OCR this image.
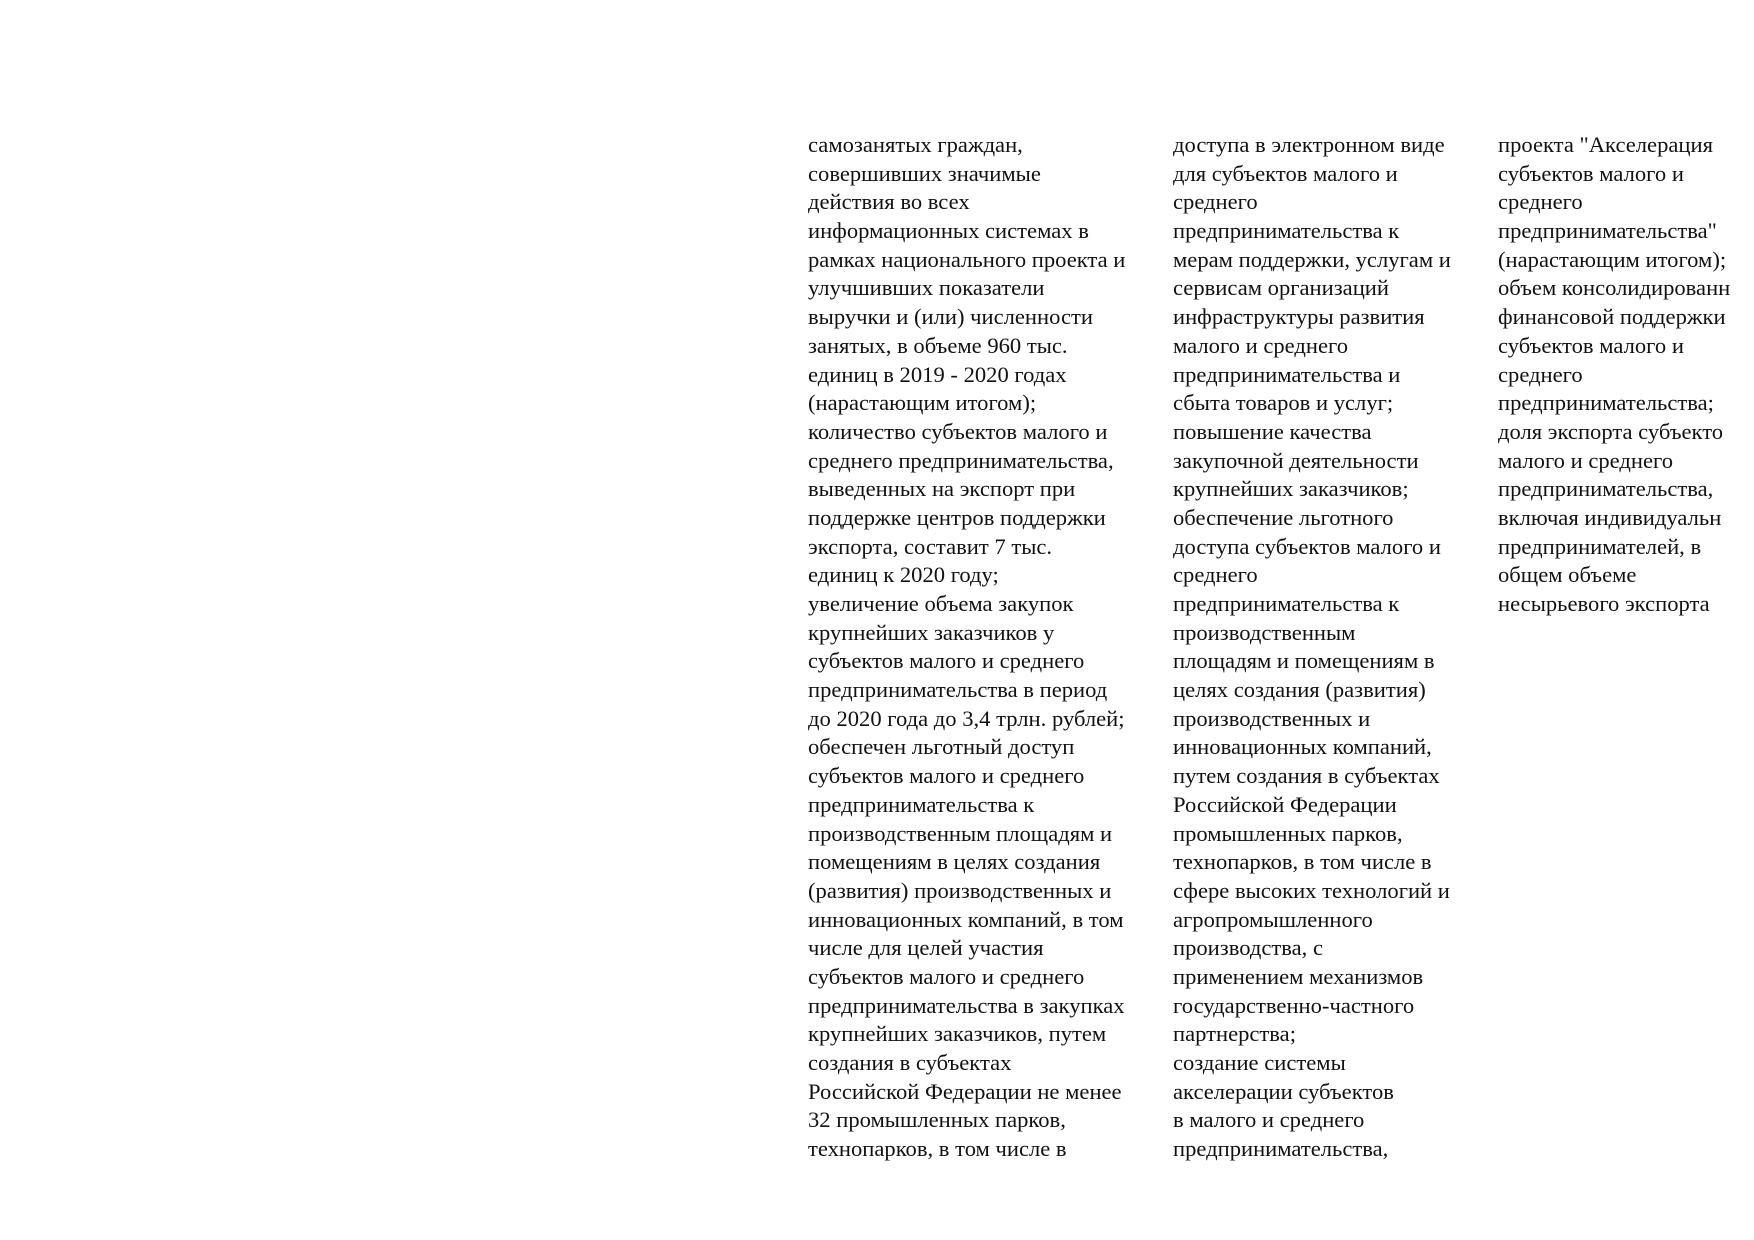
самозанятых граждан,
совершивших значимые
действия во всех
информационных системах в
рамках национального проекта и
улучшивших показатели
выручки и (или) численности
занятых, в объеме 960 тыс.
единиц в 2019 - 2020 годах
(нарастающим итогом);
количество субъектов малого и
среднего предпринимательства,
выведенных на экспорт при
поддержке центров поддержки
экспорта, составит 7 тыс.
единиц к 2020 году;
увеличение объема закупок
крупнейших заказчиков у
субъектов малого и среднего
предпринимательства в период
до 2020 года до 3,4 трлн. рублей;
обеспечен льготный доступ
субъектов малого и среднего
предпринимательства к
производственным площадям и
помещениям в целях создания
(развития) производственных и
инновационных компаний, в том
числе для целей участия
субъектов малого и среднего
предпринимательства в закупках
крупнейших заказчиков, путем
создания в субъектах
Российской Федерации не менее
32 промышленных парков,
технопарков, в том числе в
доступа в электронном виде
для субъектов малого и
среднего
предпринимательства к
мерам поддержки, услугам и
сервисам организаций
инфраструктуры развития
малого и среднего
предпринимательства и
сбыта товаров и услуг;
повышение качества
закупочной деятельности
крупнейших заказчиков;
обеспечение льготного
доступа субъектов малого и
среднего
предпринимательства к
производственным
площадям и помещениям в
целях создания (развития)
производственных и
инновационных компаний,
путем создания в субъектах
Российской Федерации
промышленных парков,
технопарков, в том числе в
сфере высоких технологий и
агропромышленного
производства, с
применением механизмов
государственно-частного
партнерства;
создание системы
акселерации субъектов
в малого и среднего
предпринимательства,
проекта "Акселерация
субъектов малого и
среднего
предпринимательства"
(нарастающим итогом);
объем консолидированн
финансовой поддержки
субъектов малого и
среднего
предпринимательства;
доля экспорта субъекто
малого и среднего
предпринимательства,
включая индивидуальн
предпринимателей, в
общем объеме
несырьевого экспорта
